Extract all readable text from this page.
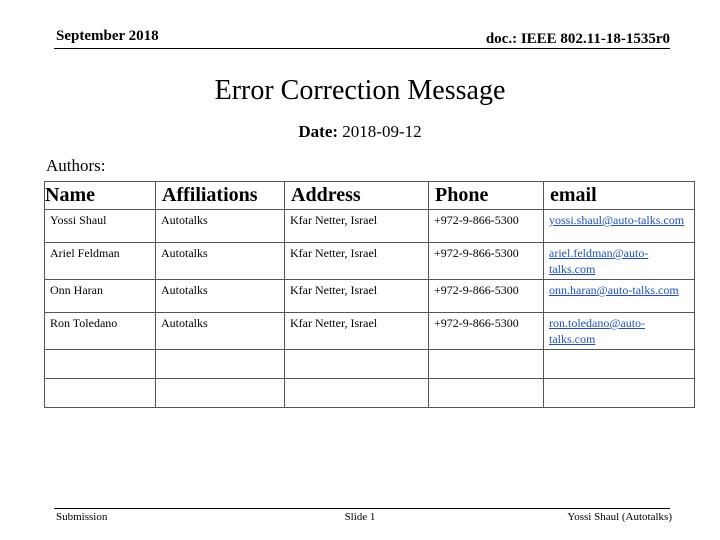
September 2018	doc.: IEEE 802.11-18-1535r0
Error Correction Message
Date: 2018-09-12
Authors:
Name	Affiliations	Address	Phone	email
Yossi Shaul	Autotalks	Kfar Netter, Israel	+972-9-866-5300	yossi.shaul@auto-talks.com
Ariel Feldman	Autotalks	Kfar Netter, Israel	+972-9-866-5300	ariel.feldman@auto-talks.com
Onn Haran	Autotalks	Kfar Netter, Israel	+972-9-866-5300	onn.haran@auto-talks.com
Ron Toledano	Autotalks	Kfar Netter, Israel	+972-9-866-5300	ron.toledano@auto-talks.com

Submission	Slide 1	Yossi Shaul (Autotalks)
